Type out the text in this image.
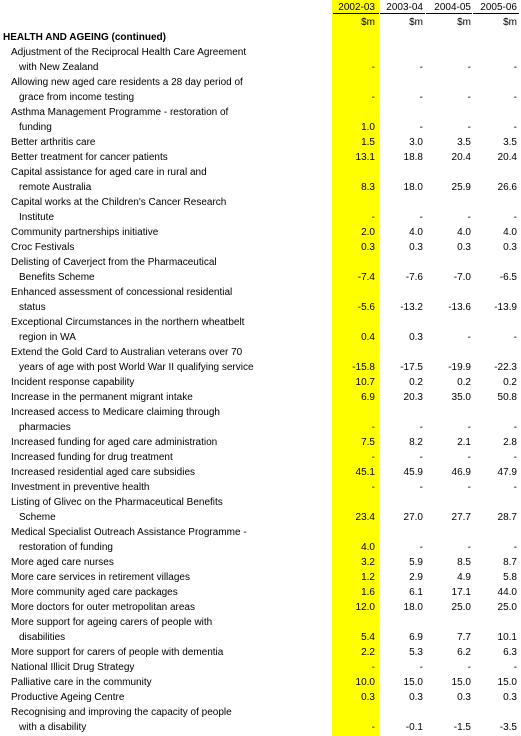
2002-03	2003-04	2004-05 2005-06
$m	$m	$m	$m
HEALTH AND AGEING (continued)
Adjustment of the Reciprocal Health Care Agreement
with New Zealand	-	-	-	-
Allowing new aged care residents a 28 day period of
grace from income testing	-	-	-	-
Asthma Management Programme - restoration of
funding	1.0	-	-	-
Better arthritis care	1.5	3.0	3.5	3.5
Better treatment for cancer patients	13.1	18.8	20.4	20.4
Capital assistance for aged care in rural and
remote Australia	8.3	18.0	25.9	26.6
Capital works at the Children's Cancer Research
Institute	-	-	-	-
Community partnerships initiative	2.0	4.0	4.0	4.0
Croc Festivals	0.3	0.3	0.3	0.3
Delisting of Caverject from the Pharmaceutical
Benefits Scheme	-7.4	-7.6	-7.0	-6.5
Enhanced assessment of concessional residential
status	-5.6	-13.2	-13.6	-13.9
Exceptional Circumstances in the northern wheatbelt
region in WA	0.4	0.3	-	-
Extend the Gold Card to Australian veterans over 70
years of age with post World War II qualifying service	-15.8	-17.5	-19.9	-22.3
Incident response capability	10.7	0.2	0.2	0.2
Increase in the permanent migrant intake	6.9	20.3	35.0	50.8
Increased access to Medicare claiming through
pharmacies	-	-	-	-
Increased funding for aged care administration	7.5	8.2	2.1	2.8
Increased funding for drug treatment	-	-	-	-
Increased residential aged care subsidies	45.1	45.9	46.9	47.9
Investment in preventive health	-	-	-	-
Listing of Glivec on the Pharmaceutical Benefits
Scheme	23.4	27.0	27.7	28.7
Medical Specialist Outreach Assistance Programme -
restoration of funding	4.0	-	-	-
More aged care nurses	3.2	5.9	8.5	8.7
More care services in retirement villages	1.2	2.9	4.9	5.8
More community aged care packages	1.6	6.1	17.1	44.0
More doctors for outer metropolitan areas	12.0	18.0	25.0	25.0
More support for ageing carers of people with
disabilities	5.4	6.9	7.7	10.1
More support for carers of people with dementia	2.2	5.3	6.2	6.3
National Illicit Drug Strategy	-	-	-	-
Palliative care in the community	10.0	15.0	15.0	15.0
Productive Ageing Centre	0.3	0.3	0.3	0.3
Recognising and improving the capacity of people
with a disability	-	-0.1	-1.5	-3.5
